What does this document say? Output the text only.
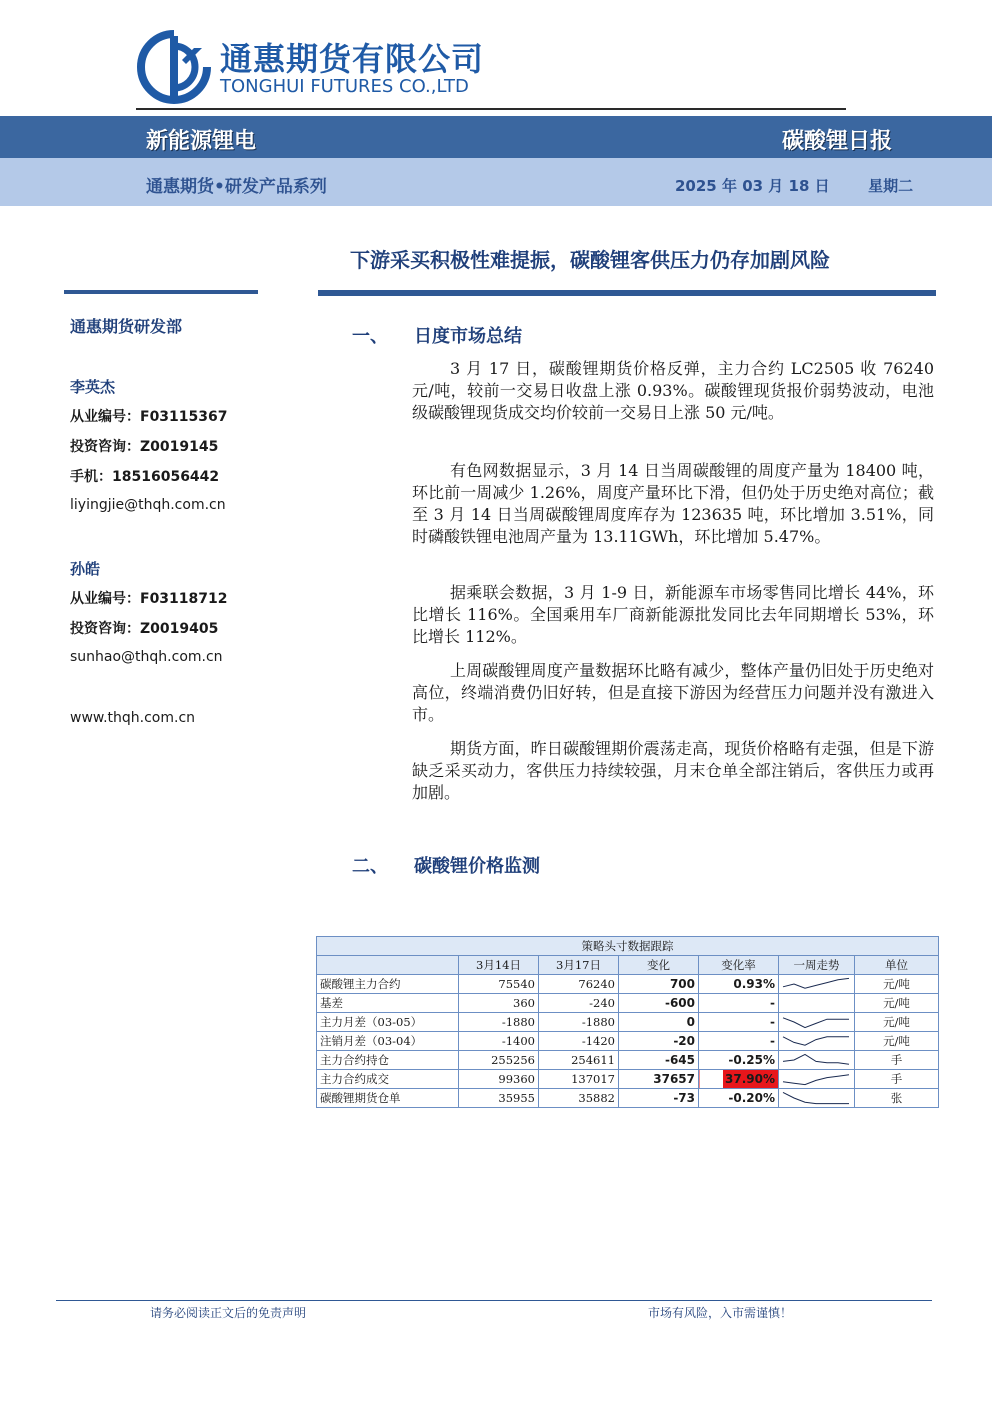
通惠期货有限公司
TONGHUI FUTURES CO.,LTD
新能源锂电	碳酸锂日报
通惠期货•研发产品系列	2025 年 03 月 18 日	星期二
下游采买积极性难提振，碳酸锂客供压力仍存加剧风险
通惠期货研发部
李英杰
从业编号：F03115367
投资咨询：Z0019145
手机：18516056442
liyingjie@thqh.com.cn
孙皓
从业编号：F03118712
投资咨询：Z0019405
sunhao@thqh.com.cn
www.thqh.com.cn
一、 日度市场总结

3 月 17 日，碳酸锂期货价格反弹，主力合约 LC2505 收 76240 元/吨，较前一交易日收盘上涨 0.93%。碳酸锂现货报价弱势波动，电池级碳酸锂现货成交均价较前一交易日上涨 50 元/吨。

有色网数据显示，3 月 14 日当周碳酸锂的周度产量为 18400 吨，环比前一周减少 1.26%，周度产量环比下滑，但仍处于历史绝对高位；截至 3 月 14 日当周碳酸锂周度库存为 123635 吨，环比增加 3.51%，同时磷酸铁锂电池周产量为 13.11GWh，环比增加 5.47%。

据乘联会数据，3 月 1-9 日，新能源车市场零售同比增长 44%，环比增长 116%。全国乘用车厂商新能源批发同比去年同期增长 53%，环比增长 112%。

上周碳酸锂周度产量数据环比略有减少，整体产量仍旧处于历史绝对高位，终端消费仍旧好转，但是直接下游因为经营压力问题并没有激进入市。

期货方面，昨日碳酸锂期价震荡走高，现货价格略有走强，但是下游缺乏采买动力，客供压力持续较强，月末仓单全部注销后，客供压力或再加剧。

二、 碳酸锂价格监测
策略头寸数据跟踪						
	3月14日	3月17日	变化	变化率	一周走势	单位
碳酸锂主力合约	75540	76240	700	0.93%		元/吨
基差	360	-240	-600	-		元/吨
主力月差（03-05）	-1880	-1880	0	-		元/吨
注销月差（03-04）	-1400	-1420	-20	-		元/吨
主力合约持仓	255256	254611	-645	-0.25%		手
主力合约成交	99360	137017	37657	37.90%		手
碳酸锂期货仓单	35955	35882	-73	-0.20%		张
请务必阅读正文后的免责声明	市场有风险，入市需谨慎！
